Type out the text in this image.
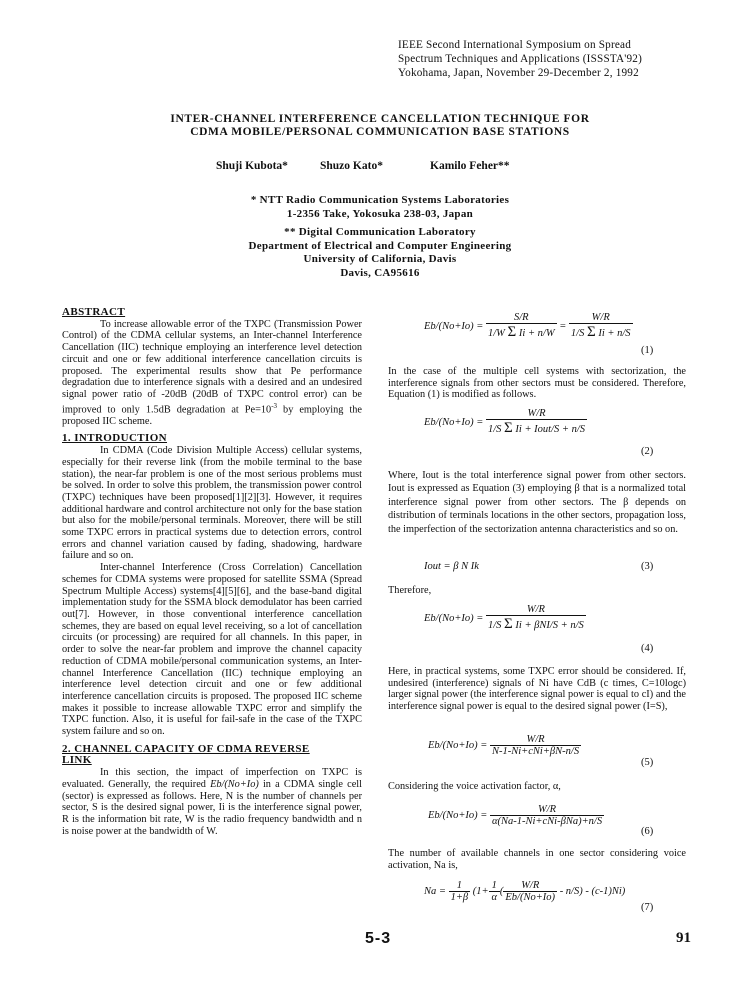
IEEE Second International Symposium on Spread
Spectrum Techniques and Applications (ISSSTA'92)
Yokohama, Japan, November 29-December 2, 1992
INTER-CHANNEL INTERFERENCE CANCELLATION TECHNIQUE FOR
CDMA MOBILE/PERSONAL COMMUNICATION BASE STATIONS
Shuji Kubota*	Shuzo Kato*	Kamilo Feher**
* NTT Radio Communication Systems Laboratories
1-2356 Take, Yokosuka 238-03, Japan
** Digital Communication Laboratory
Department of Electrical and Computer Engineering
University of California, Davis
Davis, CA95616
ABSTRACT

To increase allowable error of the TXPC (Transmission Power Control) of the CDMA cellular systems, an Inter-channel Interference Cancellation (IIC) technique employing an interference level detection circuit and one or few additional interference cancellation circuits is proposed. The experimental results show that Pe performance degradation due to interference signals with a desired and an undesired signal power ratio of -20dB (20dB of TXPC control error) can be improved to only 1.5dB degradation at $Pe=10^{-3}$ by employing the proposed IIC scheme.

1. INTRODUCTION

In CDMA (Code Division Multiple Access) cellular systems, especially for their reverse link (from the mobile terminal to the base station), the near-far problem is one of the most serious problems must be solved. In order to solve this problem, the transmission power control (TXPC) techniques have been proposed[1][2][3]. However, it requires additional hardware and control architecture not only for the base station but also for the mobile/personal terminals. Moreover, there will be still some TXPC errors in practical systems due to detection errors, control errors and channel variation caused by fading, shadowing, hardware failure and so on.

Inter-channel Interference (Cross Correlation) Cancellation schemes for CDMA systems were proposed for satellite SSMA (Spread Spectrum Multiple Access) systems[4][5][6], and the base-band digital implementation study for the SSMA block demodulator has been carried out[7]. However, in those conventional interference cancellation schemes, they are based on equal level receiving, so a lot of cancellation circuits (or processing) are required for all channels. In this paper, in order to solve the near-far problem and improve the channel capacity reduction of CDMA mobile/personal communication systems, an Inter-channel Interference Cancellation (IIC) technique employing an interference level detection circuit and one or few additional interference cancellation circuits is proposed. The proposed IIC scheme makes it possible to increase allowable TXPC error and simplify the TXPC function. Also, it is useful for fail-safe in the case of the TXPC system failure and so on.

2. CHANNEL CAPACITY OF CDMA REVERSE
LINK

In this section, the impact of imperfection on TXPC is evaluated. Generally, the required Eb/(No+Io) in a CDMA single cell (sector) is expressed as follows. Here, N is the number of channels per sector, S is the desired signal power, Ii is the interference signal power, R is the information bit rate, W is the radio frequency bandwidth and n is noise power at the bandwidth of W.

$Eb/(No+Io) = \frac{S/R}{\text{1/W Σ Ii + n/W}} = \frac{W/R}{\text{1/S Σ Ii + n/S}}$
(1)
In the case of the multiple cell systems with sectorization, the interference signals from other sectors must be considered. Therefore, Equation (1) is modified as follows.
$Eb/(No+Io) = \frac{W/R}{\text{1/S Σ Ii + Iout/S + n/S}}$
(2)
Where, Iout is the total interference signal power from other sectors. Iout is expressed as Equation (3) employing β that is a normalized total interference signal power from other sectors. The β depends on distribution of terminals locations in the other sectors, propagation loss, the imperfection of the sectorization antenna characteristics and so on.
Iout = β N Ik	(3)
Therefore,
$Eb/(No+Io) = \frac{W/R}{\text{1/S Σ Ii + βNI/S + n/S}}$
(4)
Here, in practical systems, some TXPC error should be considered. If, undesired (interference) signals of Ni have CdB (c times, C=10logc) larger signal power (the interference signal power is equal to cI) and the interference signal power is equal to the desired signal power (I=S),
$Eb/(No+Io) = \frac{W/R}{\text{N-1-Ni+cNi+βN-n/S}}$
(5)
Considering the voice activation factor, α,
$Eb/(No+Io) = \frac{W/R}{\text{α(Na-1-Ni+cNi-βNa)+n/S}}$
(6)
The number of available channels in one sector considering voice activation, Na is,
$Na = \frac{1}{1+\beta} (1+ \frac{1}{\alpha}$ ( $\frac{W/R}{Eb/(No+Io)} - n/S) - (c-1)Ni$)
(7)
5-3	91
